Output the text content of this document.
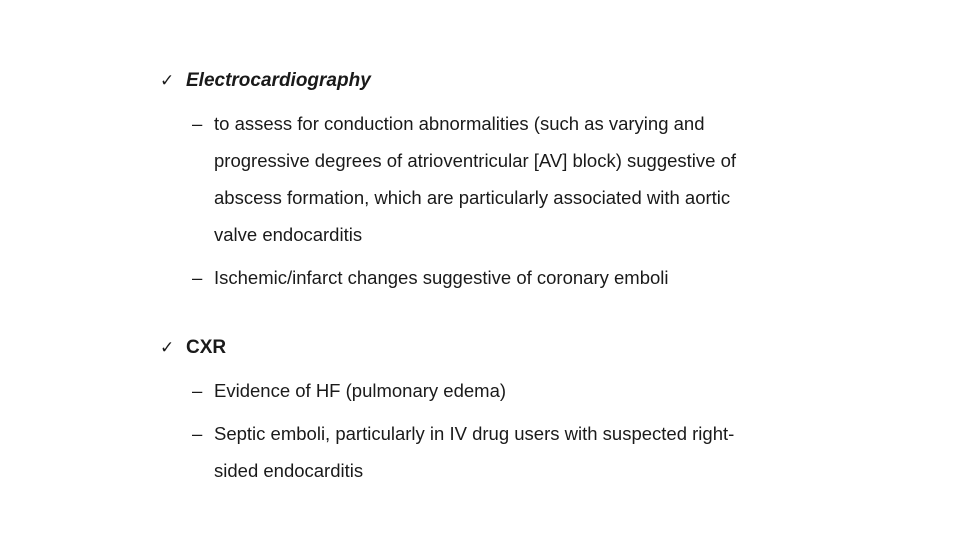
✓ Electrocardiography
– to assess for conduction abnormalities (such as varying and progressive degrees of atrioventricular [AV] block) suggestive of abscess formation, which are particularly associated with aortic valve endocarditis
– Ischemic/infarct changes suggestive of coronary emboli
✓ CXR
– Evidence of HF (pulmonary edema)
– Septic emboli, particularly in IV drug users with suspected right-sided endocarditis
